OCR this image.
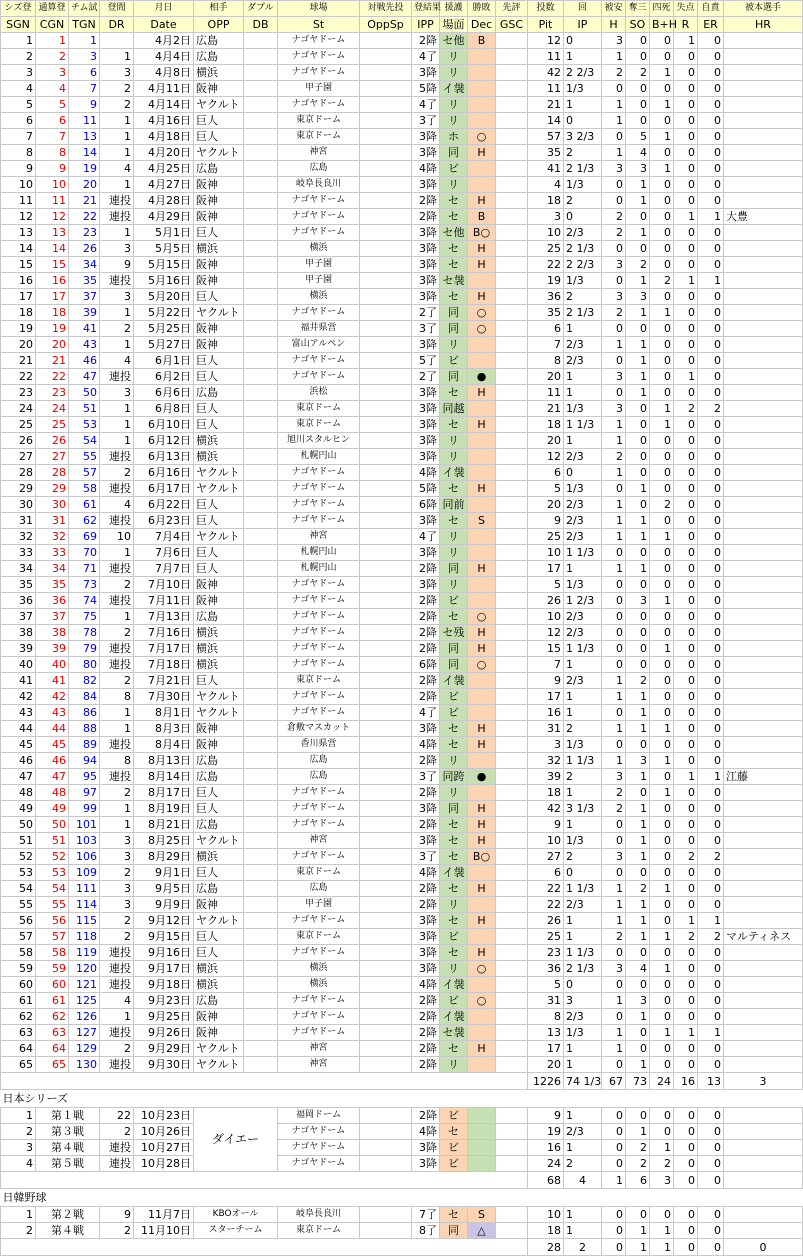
シズ登	通算登	チム試	登間	月日	相手	ダブル	球場	対戦先投	登結果	援護	勝敗	先評	投数	回	被安	奪三	四死	失点	自責	被本選手
SGN	CGN	TGN	DR	Date	OPP	DB	St	OppSp	IPP	場面	Dec	GSC	Pit	IP	H	SO	B+H	R	ER	HR
1	1	1		4月2日	広島		ナゴヤドーム		2降	セ他	B		12	0	3	0	0	1	0	
2	2	3	1	4月4日	広島		ナゴヤドーム		4了	リ			11	1	1	0	0	0	0	
3	3	6	3	4月8日	横浜		ナゴヤドーム		3降	リ			42	2 2/3	2	2	1	0	0	
4	4	7	2	4月11日	阪神		甲子園		5降	イ袰			11	1/3	0	0	0	0	0	
5	5	9	2	4月14日	ヤクルト		ナゴヤドーム		4了	リ			21	1	1	0	1	0	0	
6	6	11	1	4月16日	巨人		東京ドーム		3了	リ			14	0	1	0	0	0	0	
7	7	13	1	4月18日	巨人		東京ドーム		3降	ホ	○		57	3 2/3	0	5	1	0	0	
8	8	14	1	4月20日	ヤクルト		神宮		3降	同	H		35	2	1	4	0	0	0	
9	9	19	4	4月25日	広島		広島		4降	ビ			41	2 1/3	3	3	1	0	0	
10	10	20	1	4月27日	阪神		岐阜長良川		3降	リ			4	1/3	0	1	0	0	0	
11	11	21	連投	4月28日	阪神		ナゴヤドーム		2降	セ	H		18	2	0	1	0	0	0	
12	12	22	連投	4月29日	阪神		ナゴヤドーム		2降	セ	B		3	0	2	0	0	1	1	大豊
13	13	23	1	5月1日	巨人		ナゴヤドーム		3降	セ他	B○		10	2/3	2	1	0	0	0	
14	14	26	3	5月5日	横浜		横浜		3降	セ	H		25	2 1/3	0	0	0	0	0	
15	15	34	9	5月15日	阪神		甲子園		3降	セ	H		22	2 2/3	3	2	0	0	0	
16	16	35	連投	5月16日	阪神		甲子園		3降	セ袰			19	1/3	0	1	2	1	1	
17	17	37	3	5月20日	巨人		横浜		3降	セ	H		36	2	3	3	0	0	0	
18	18	39	1	5月22日	ヤクルト		ナゴヤドーム		2了	同	○		35	2 1/3	2	1	1	0	0	
19	19	41	2	5月25日	阪神		福井県営		3了	同	○		6	1	0	0	0	0	0	
20	20	43	1	5月27日	阪神		富山アルペン		3降	リ			7	2/3	1	1	0	0	0	
21	21	46	4	6月1日	巨人		ナゴヤドーム		5了	ビ			8	2/3	0	1	0	0	0	
22	22	47	連投	6月2日	巨人		ナゴヤドーム		2了	同	●		20	1	3	1	0	1	0	
23	23	50	3	6月6日	広島		浜松		3降	セ	H		11	1	0	1	0	0	0	
24	24	51	1	6月8日	巨人		東京ドーム		3降	同越			21	1/3	3	0	1	2	2	
25	25	53	1	6月10日	巨人		東京ドーム		3降	セ	H		18	1 1/3	1	0	1	0	0	
26	26	54	1	6月12日	横浜		旭川スタルヒン		3降	リ			20	1	1	0	0	0	0	
27	27	55	連投	6月13日	横浜		札幌円山		3降	リ			12	2/3	2	0	0	0	0	
28	28	57	2	6月16日	ヤクルト		ナゴヤドーム		4降	イ袰			6	0	1	0	0	0	0	
29	29	58	連投	6月17日	ヤクルト		ナゴヤドーム		5降	セ	H		5	1/3	0	1	0	0	0	
30	30	61	4	6月22日	巨人		ナゴヤドーム		6降	同前			20	2/3	1	0	2	0	0	
31	31	62	連投	6月23日	巨人		ナゴヤドーム		3降	セ	S		9	2/3	1	1	0	0	0	
32	32	69	10	7月4日	ヤクルト		神宮		4了	リ			25	2/3	1	1	1	0	0	
33	33	70	1	7月6日	巨人		札幌円山		3降	リ			10	1 1/3	0	0	0	0	0	
34	34	71	連投	7月7日	巨人		札幌円山		2降	同	H		17	1	1	1	0	0	0	
35	35	73	2	7月10日	阪神		ナゴヤドーム		3降	リ			5	1/3	0	0	0	0	0	
36	36	74	連投	7月11日	阪神		ナゴヤドーム		2降	ビ			26	1 2/3	0	3	1	0	0	
37	37	75	1	7月13日	広島		ナゴヤドーム		2降	セ	○		10	2/3	0	0	0	0	0	
38	38	78	2	7月16日	横浜		ナゴヤドーム		2降	セ残	H		12	2/3	0	0	0	0	0	
39	39	79	連投	7月17日	横浜		ナゴヤドーム		2降	同	H		15	1 1/3	0	0	1	0	0	
40	40	80	連投	7月18日	横浜		ナゴヤドーム		6降	同	○		7	1	0	0	0	0	0	
41	41	82	2	7月21日	巨人		東京ドーム		2降	イ袰			9	2/3	1	2	0	0	0	
42	42	84	8	7月30日	ヤクルト		ナゴヤドーム		2降	ビ			17	1	1	1	0	0	0	
43	43	86	1	8月1日	ヤクルト		ナゴヤドーム		4了	ビ			16	1	0	1	0	0	0	
44	44	88	1	8月3日	阪神		倉敷マスカット		3降	セ	H		31	2	1	1	1	0	0	
45	45	89	連投	8月4日	阪神		香川県営		4降	セ	H		3	1/3	0	0	0	0	0	
46	46	94	8	8月13日	広島		広島		2降	リ			32	1 1/3	1	3	1	0	0	
47	47	95	連投	8月14日	広島		広島		3了	同跨	●		39	2	3	1	0	1	1	江藤
48	48	97	2	8月17日	巨人		ナゴヤドーム		2降	リ			18	1	2	0	1	0	0	
49	49	99	1	8月19日	巨人		ナゴヤドーム		3降	同	H		42	3 1/3	2	1	0	0	0	
50	50	101	1	8月21日	広島		ナゴヤドーム		2降	セ	H		9	1	0	1	0	0	0	
51	51	103	3	8月25日	ヤクルト		神宮		3降	セ	H		10	1/3	0	1	0	0	0	
52	52	106	3	8月29日	横浜		ナゴヤドーム		3了	セ	B○		27	2	3	1	0	2	2	
53	53	109	2	9月1日	巨人		東京ドーム		4降	イ袰			6	0	0	0	0	0	0	
54	54	111	3	9月5日	広島		広島		2降	セ	H		22	1 1/3	1	2	1	0	0	
55	55	114	3	9月9日	阪神		甲子園		2降	リ			22	2/3	1	1	0	0	0	
56	56	115	2	9月12日	ヤクルト		ナゴヤドーム		3降	セ	H		26	1	1	1	0	1	1	
57	57	118	2	9月15日	巨人		東京ドーム		3降	ビ			25	1	2	1	1	2	2	マルティネス
58	58	119	連投	9月16日	巨人		ナゴヤドーム		3降	セ	H		23	1 1/3	0	0	0	0	0	
59	59	120	連投	9月17日	横浜		横浜		3降	リ	○		36	2 1/3	3	4	1	0	0	
60	60	121	連投	9月18日	横浜		横浜		4降	イ袰			5	0	0	0	0	0	0	
61	61	125	4	9月23日	広島		ナゴヤドーム		2降	ビ	○		31	3	1	3	0	0	0	
62	62	126	1	9月25日	阪神		ナゴヤドーム		2降	イ袰			8	2/3	0	1	0	0	0	
63	63	127	連投	9月26日	阪神		ナゴヤドーム		2降	セ袰			13	1/3	1	0	1	1	1	
64	64	129	2	9月29日	ヤクルト		神宮		2降	セ	H		17	1	1	0	0	0	0	
65	65	130	連投	9月30日	ヤクルト		神宮		2降	リ			20	1	0	1	0	0	0	
													1226	74 1/3	67	73	24	16	13	3
日本シリーズ																				
1	第１戦		22	10月23日	ダイエー		福岡ドーム		2降	ビ			9	1	0	0	0	0	0	
2	第３戦		2	10月26日			ナゴヤドーム		4降	セ			19	2/3	0	1	0	0	0	
3	第４戦		連投	10月27日			ナゴヤドーム		3降	ビ			16	1	0	2	1	0	0	
4	第５戦		連投	10月28日			ナゴヤドーム		3降	ビ			24	2	0	2	2	0	0	
													68	4	1	6	3	0	0	
日韓野球																				
1	第２戦		9	11月7日	KBOオール		岐阜長良川		7了	セ	S		10	1	0	0	0	0	0	
2	第４戦		2	11月10日	スターチーム		東京ドーム		8了	同	△		18	1	0	1	1	0	0	
													28	2	0	1	1	0	0	0
